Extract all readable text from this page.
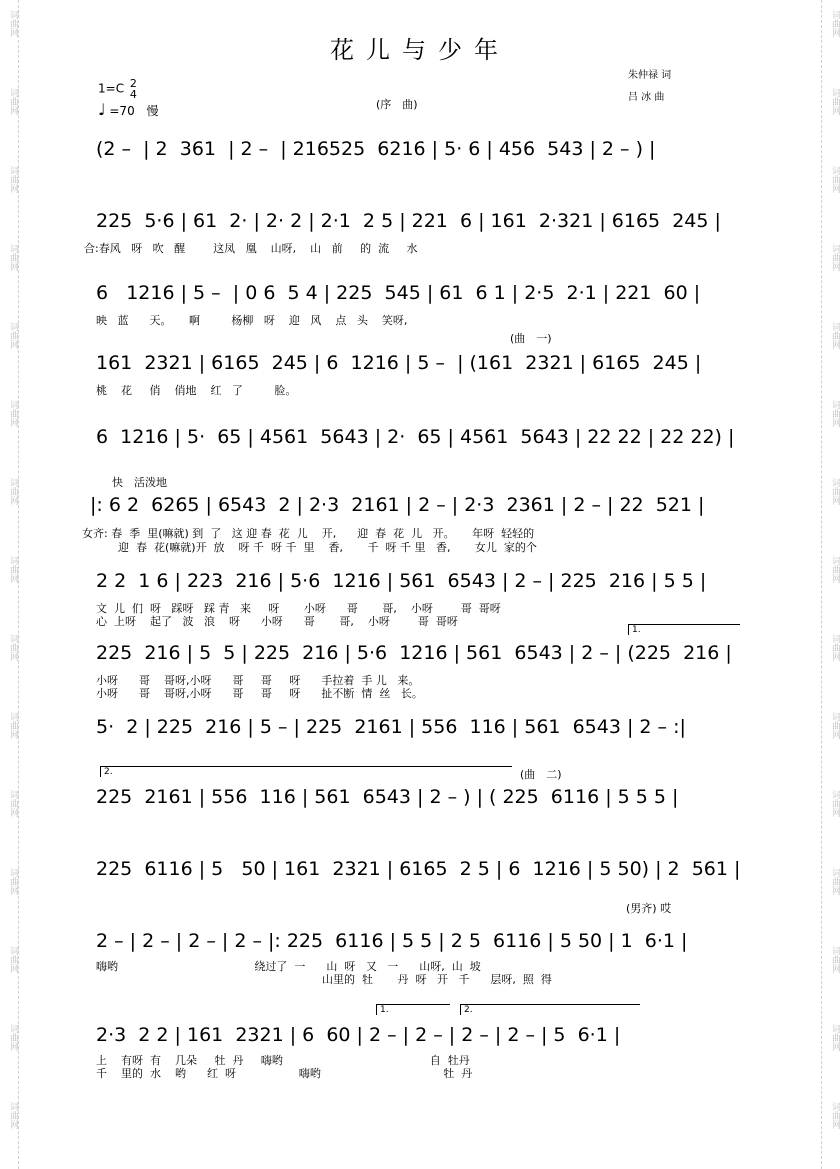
花儿与少年
朱仲禄 词
吕 冰 曲
1=C 2
4
♩ =70 慢	(序　曲)
(2 –  | 2  361  | 2 –  | 216525  6216 | 5· 6 | 456  543 | 2 – ) |
225  5·6 | 61  2· | 2· 2 | 2·1  2 5 | 221  6 | 161  2·321 | 6165  245 |
合:春风   呀   吹   醒        这凤   凰    山呀,    山   前     的  流     水
6   1216 | 5 –  | 0 6  5 4 | 225  545 | 61  6 1 | 2·5  2·1 | 221  60 |
映   蓝      天。     啊         杨柳   呀    迎   风    点   头    笑呀,
(曲　一)
161  2321 | 6165  245 | 6  1216 | 5 –  | (161  2321 | 6165  245 |
桃    花     俏    俏地    红   了         脸。
6  1216 | 5·  65 | 4561  5643 | 2·  65 | 4561  5643 | 22 22 | 22 22) |
快　活泼地
|: 6 2  6265 | 6543  2 | 2·3  2161 | 2 – | 2·3  2361 | 2 – | 22  521 |
女齐: 春  季  里(嘛就) 到  了   这 迎 春  花  儿    开,      迎  春  花  儿   开。     年呀  轻轻的
迎  春  花(嘛就)开  放    呀 千  呀 千  里    香,       千  呀 千 里   香,       女儿  家的个
2 2  1 6 | 223  216 | 5·6  1216 | 561  6543 | 2 – | 225  216 | 5 5 |
文  儿  们  呀   踩呀   踩 青   来     呀       小呀      哥       哥,    小呀        哥  哥呀
心  上呀    起了   波   浪    呀      小呀      哥       哥,    小呀        哥  哥呀
1.
225  216 | 5  5 | 225  216 | 5·6  1216 | 561  6543 | 2 – | (225  216 |
小呀      哥    哥呀,小呀      哥     哥     呀      手拉着  手 儿   来。
小呀      哥    哥呀,小呀      哥     哥     呀      扯不断  情  丝   长。
5·  2 | 225  216 | 5 – | 225  2161 | 556  116 | 561  6543 | 2 – :|
2.	(曲　二)
225  2161 | 556  116 | 561  6543 | 2 – ) | ( 225  6116 | 5 5 5 |
225  6116 | 5   50 | 161  2321 | 6165  2 5 | 6  1216 | 5 50) | 2  561 |
(男齐) 哎
2 – | 2 – | 2 – | 2 – |: 225  6116 | 5 5 | 2 5  6116 | 5 50 | 1  6·1 |
嗨哟                                       绕过了  一      山  呀   又   一      山呀,  山  坡
山里的  牡       丹  呀   开   千      层呀,  照  得
1.	2.
2·3  2 2 | 161  2321 | 6  60 | 2 – | 2 – | 2 – | 2 – | 5  6·1 |
上    有呀  有    几朵     牡  丹     嗨哟                                          自  牡丹
千    里的  水    哟      红  呀                  嗨哟                                   牡  丹
词曲网
词曲网
词曲网
词曲网
词曲网
词曲网
词曲网
词曲网
词曲网
词曲网
词曲网
词曲网
词曲网
词曲网
词曲网
词曲网
词曲网
词曲网
词曲网
词曲网
词曲网
词曲网
词曲网
词曲网
词曲网
词曲网
词曲网
词曲网
词曲网
词曲网
